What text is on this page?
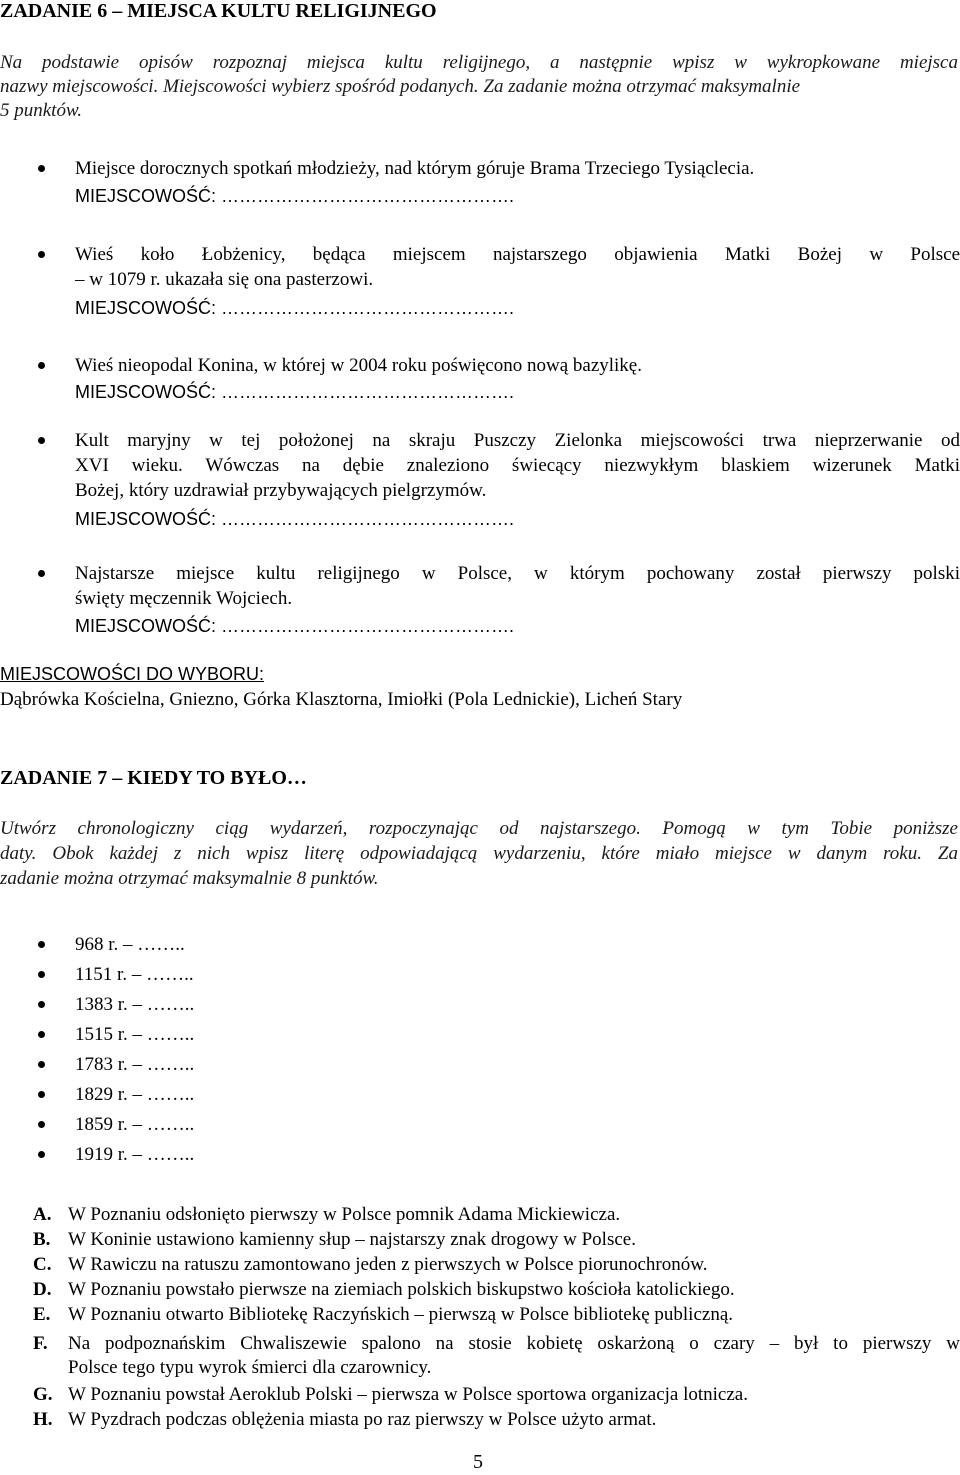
ZADANIE 6 – MIEJSCA KULTU RELIGIJNEGO
Na podstawie opisów rozpoznaj miejsca kultu religijnego, a następnie wpisz w wykropkowane miejsca
nazwy miejscowości. Miejscowości wybierz spośród podanych. Za zadanie można otrzymać maksymalnie
5 punktów.
Miejsce dorocznych spotkań młodzieży, nad którym góruje Brama Trzeciego Tysiąclecia.
MIEJSCOWOŚĆ: ………………………………………….
Wieś koło Łobżenicy, będąca miejscem najstarszego objawienia Matki Bożej w Polsce
– w 1079 r. ukazała się ona pasterzowi.
MIEJSCOWOŚĆ: ………………………………………….
Wieś nieopodal Konina, w której w 2004 roku poświęcono nową bazylikę.
MIEJSCOWOŚĆ: ………………………………………….
Kult maryjny w tej położonej na skraju Puszczy Zielonka miejscowości trwa nieprzerwanie od
XVI wieku. Wówczas na dębie znaleziono świecący niezwykłym blaskiem wizerunek Matki
Bożej, który uzdrawiał przybywających pielgrzymów.
MIEJSCOWOŚĆ: ………………………………………….
Najstarsze miejsce kultu religijnego w Polsce, w którym pochowany został pierwszy polski
święty męczennik Wojciech.
MIEJSCOWOŚĆ: ………………………………………….
MIEJSCOWOŚCI DO WYBORU:
Dąbrówka Kościelna, Gniezno, Górka Klasztorna, Imiołki (Pola Lednickie), Licheń Stary
ZADANIE 7 – KIEDY TO BYŁO…
Utwórz chronologiczny ciąg wydarzeń, rozpoczynając od najstarszego. Pomogą w tym Tobie poniższe
daty. Obok każdej z nich wpisz literę odpowiadającą wydarzeniu, które miało miejsce w danym roku. Za
zadanie można otrzymać maksymalnie 8 punktów.
968 r. – ……..
1151 r. – ……..
1383 r. – ……..
1515 r. – ……..
1783 r. – ……..
1829 r. – ……..
1859 r. – ……..
1919 r. – ……..
A. W Poznaniu odsłonięto pierwszy w Polsce pomnik Adama Mickiewicza.
B. W Koninie ustawiono kamienny słup – najstarszy znak drogowy w Polsce.
C. W Rawiczu na ratuszu zamontowano jeden z pierwszych w Polsce piorunochronów.
D. W Poznaniu powstało pierwsze na ziemiach polskich biskupstwo kościoła katolickiego.
E. W Poznaniu otwarto Bibliotekę Raczyńskich – pierwszą w Polsce bibliotekę publiczną.
F. Na podpoznańskim Chwaliszewie spalono na stosie kobietę oskarżoną o czary – był to pierwszy w
Polsce tego typu wyrok śmierci dla czarownicy.
G. W Poznaniu powstał Aeroklub Polski – pierwsza w Polsce sportowa organizacja lotnicza.
H. W Pyzdrach podczas oblężenia miasta po raz pierwszy w Polsce użyto armat.
5
